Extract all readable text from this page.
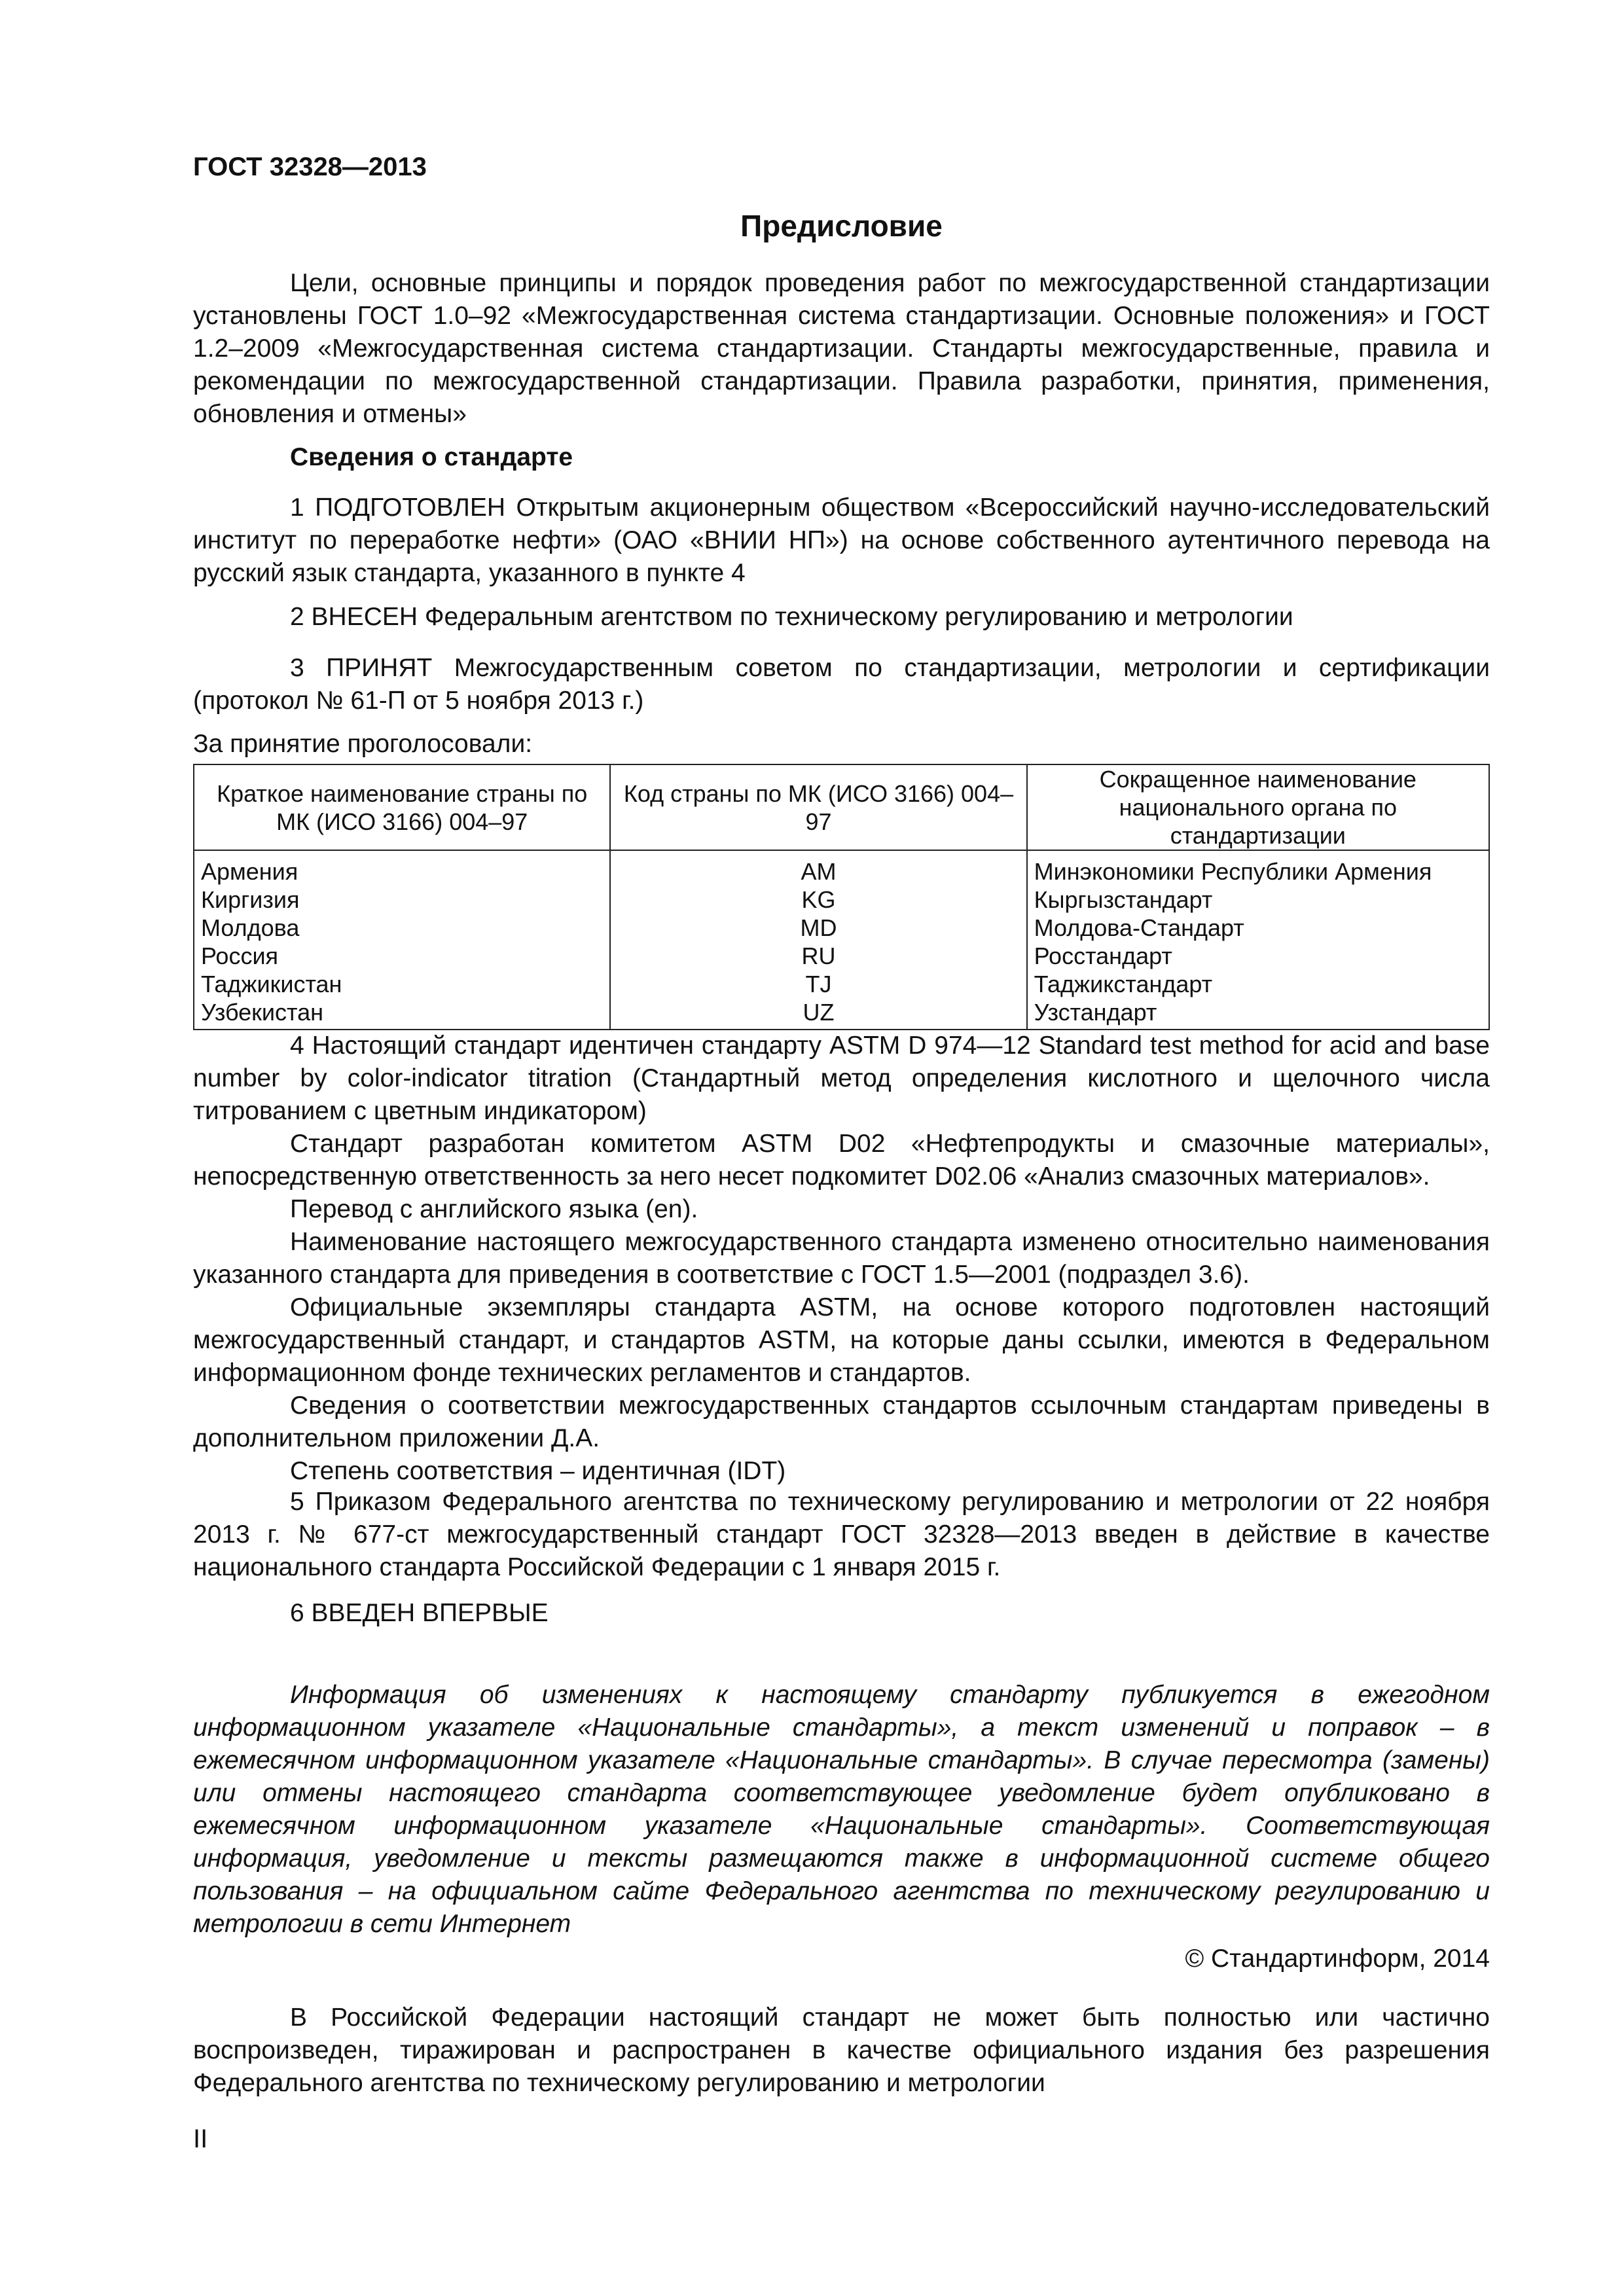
ГОСТ 32328—2013
Предисловие

Цели, основные принципы и порядок проведения работ по межгосударственной стандартизации установлены ГОСТ 1.0–92 «Межгосударственная система стандартизации. Основные положения» и ГОСТ 1.2–2009 «Межгосударственная система стандартизации. Стандарты межгосударственные, правила и рекомендации по межгосударственной стандартизации. Правила разработки, принятия, применения, обновления и отмены»

Сведения о стандарте

1 ПОДГОТОВЛЕН Открытым акционерным обществом «Всероссийский научно-исследовательский институт по переработке нефти» (ОАО «ВНИИ НП») на основе собственного аутентичного перевода на русский язык стандарта, указанного в пункте 4

2 ВНЕСЕН Федеральным агентством по техническому регулированию и метрологии

3 ПРИНЯТ Межгосударственным советом по стандартизации, метрологии и сертификации (протокол № 61-П от 5 ноября 2013 г.)

За принятие проголосовали:

Краткое наименование страны по МК (ИСО 3166) 004–97	Код страны по МК (ИСО 3166) 004–97	Сокращенное наименование национального органа по стандартизации
Армения	AM	Минэкономики Республики Армения
Киргизия	KG	Кыргызстандарт
Молдова	MD	Молдова-Стандарт
Россия	RU	Росстандарт
Таджикистан	TJ	Таджикстандарт
Узбекистан	UZ	Узстандарт

4 Настоящий стандарт идентичен стандарту ASTM D 974—12 Standard test method for acid and base number by color-indicator titration (Стандартный метод определения кислотного и щелочного числа титрованием с цветным индикатором)

Стандарт разработан комитетом ASTM D02 «Нефтепродукты и смазочные материалы», непосредственную ответственность за него несет подкомитет D02.06 «Анализ смазочных материалов».

Перевод с английского языка (en).

Наименование настоящего межгосударственного стандарта изменено относительно наименования указанного стандарта для приведения в соответствие с ГОСТ 1.5—2001 (подраздел 3.6).

Официальные экземпляры стандарта ASTM, на основе которого подготовлен настоящий межгосударственный стандарт, и стандартов ASTM, на которые даны ссылки, имеются в Федеральном информационном фонде технических регламентов и стандартов.

Сведения о соответствии межгосударственных стандартов ссылочным стандартам приведены в дополнительном приложении Д.А.

Степень соответствия – идентичная (IDT)

5 Приказом Федерального агентства по техническому регулированию и метрологии от 22 ноября 2013 г. № 677-ст межгосударственный стандарт ГОСТ 32328—2013 введен в действие в качестве национального стандарта Российской Федерации с 1 января 2015 г.

6 ВВЕДЕН ВПЕРВЫЕ

Информация об изменениях к настоящему стандарту публикуется в ежегодном информационном указателе «Национальные стандарты», а текст изменений и поправок – в ежемесячном информационном указателе «Национальные стандарты». В случае пересмотра (замены) или отмены настоящего стандарта соответствующее уведомление будет опубликовано в ежемесячном информационном указателе «Национальные стандарты». Соответствующая информация, уведомление и тексты размещаются также в информационной системе общего пользования – на официальном сайте Федерального агентства по техническому регулированию и метрологии в сети Интернет

© Стандартинформ, 2014

В Российской Федерации настоящий стандарт не может быть полностью или частично воспроизведен, тиражирован и распространен в качестве официального издания без разрешения Федерального агентства по техническому регулированию и метрологии

II
